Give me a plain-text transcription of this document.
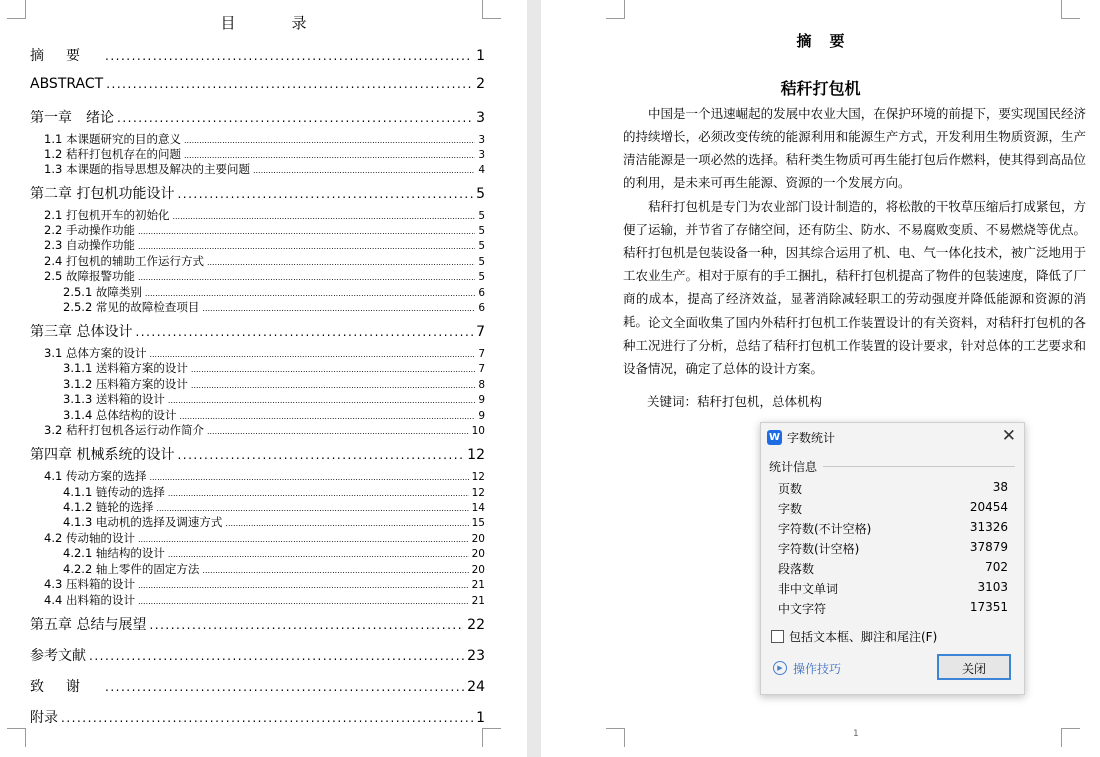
目录
摘要 .....	1
ABSTRACT .....	2
第一章　绪论 .....	3
1.1 本课题研究的目的意义 .....	3
1.2 秸秆打包机存在的问题 .....	3
1.3 本课题的指导思想及解决的主要问题 .....	4
第二章 打包机功能设计 .....	5
2.1 打包机开车的初始化 .....	5
2.2 手动操作功能 .....	5
2.3 自动操作功能 .....	5
2.4 打包机的辅助工作运行方式 .....	5
2.5 故障报警功能 .....	5
2.5.1 故障类别 .....	6
2.5.2 常见的故障检查项目 .....	6
第三章 总体设计 .....	7
3.1 总体方案的设计 .....	7
3.1.1 送料箱方案的设计 .....	7
3.1.2 压料箱方案的设计 .....	8
3.1.3 送料箱的设计 .....	9
3.1.4 总体结构的设计 .....	9
3.2 秸秆打包机各运行动作简介 .....	10
第四章 机械系统的设计 .....	12
4.1 传动方案的选择 .....	12
4.1.1 链传动的选择 .....	12
4.1.2 链轮的选择 .....	14
4.1.3 电动机的选择及调速方式 .....	15
4.2 传动轴的设计 .....	20
4.2.1 轴结构的设计 .....	20
4.2.2 轴上零件的固定方法 .....	20
4.3 压料箱的设计 .....	21
4.4 出料箱的设计 .....	21
第五章 总结与展望 .....	22
参考文献 .....	23
致谢 .....	24
附录 .....	1
摘要
秸秆打包机
中国是一个迅速崛起的发展中农业大国，在保护环境的前提下，要实现国民经济的持续增长，必须改变传统的能源利用和能源生产方式，开发利用生物质资源，生产清洁能源是一项必然的选择。秸秆类生物质可再生能打包后作燃料，使其得到高品位的利用，是未来可再生能源、资源的一个发展方向。
秸秆打包机是专门为农业部门设计制造的，将松散的干牧草压缩后打成紧包，方便了运输，并节省了存储空间，还有防尘、防水、不易腐败变质、不易燃烧等优点。秸秆打包机是包装设备一种，因其综合运用了机、电、气一体化技术，被广泛地用于工农业生产。相对于原有的手工捆扎，秸秆打包机提高了物件的包装速度，降低了厂商的成本，提高了经济效益，显著消除减轻职工的劳动强度并降低能源和资源的消耗。 论文全面收集了国内外秸秆打包机工作装置设计的有关资料，对秸秆打包机的各种工况进行了分析，总结了秸秆打包机工作装置的设计要求，针对总体的工艺要求和设备情况，确定了总体的设计方案。
关键词：秸秆打包机，总体机构
1
W 字数统计	✕
统计信息
页数	38
字数	20454
字符数(不计空格)	31326
字符数(计空格)	37879
段落数	702
非中文单词	3103
中文字符	17351
包括文本框、脚注和尾注(F)
▶ 操作技巧	关闭
